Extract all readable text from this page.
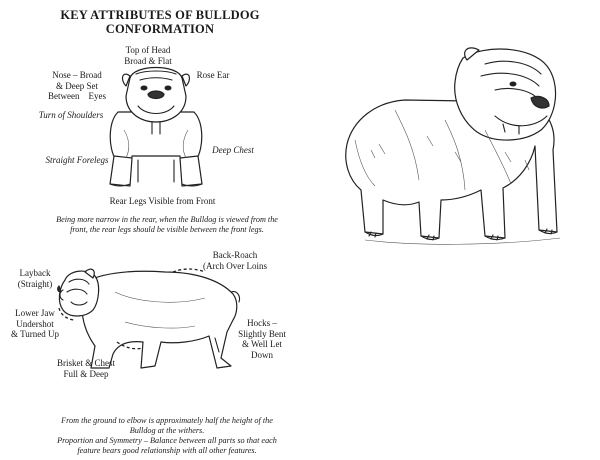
KEY ATTRIBUTES OF BULLDOG
CONFORMATION
Top of Head
Broad & Flat
Nose – Broad
& Deep Set
Between    Eyes
Rose Ear
Turn of Shoulders
Deep Chest
Straight Forelegs
Rear Legs Visible from Front
Being more narrow in the rear, when the Bulldog is viewed from the
front, the rear legs should be visible between the front legs.
Back-Roach
(Arch Over Loins
Layback
(Straight)
Lower Jaw
Undershot
& Turned Up
Hocks –
Slightly Bent
& Well Let
Down
Brisket & Chest
Full & Deep
From the ground to elbow is approximately half the height of the
Bulldog at the withers.
Proportion and Symmetry – Balance between all parts so that each
feature bears good relationship with all other features.
